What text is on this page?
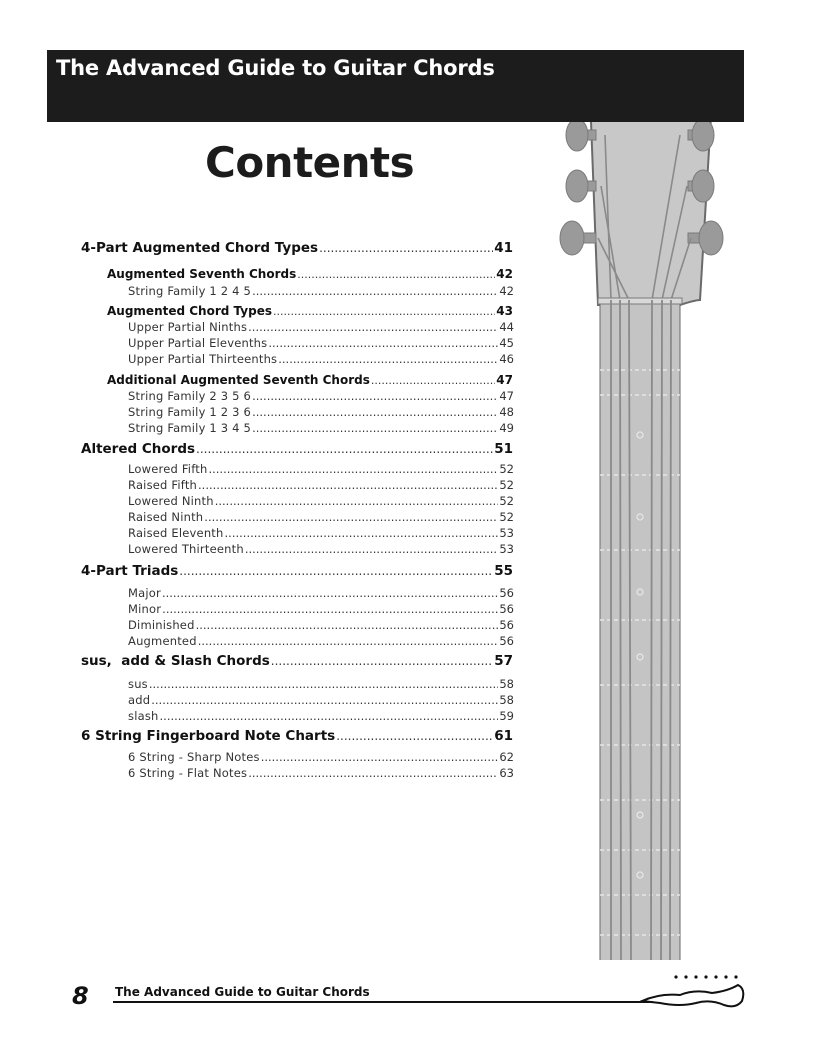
The Advanced Guide to Guitar Chords
Contents
4-Part Augmented Chord Types .....	41
Augmented Seventh Chords .....	42
String Family 1 2 4 5 .....	42
Augmented Chord Types .....	43
Upper Partial Ninths .....	44
Upper Partial Elevenths .....	45
Upper Partial Thirteenths .....	46
Additional Augmented Seventh Chords .....	47
String Family 2 3 5 6 .....	47
String Family 1 2 3 6 .....	48
String Family 1 3 4 5 .....	49
Altered Chords .....	51
Lowered Fifth .....	52
Raised Fifth .....	52
Lowered Ninth .....	52
Raised Ninth .....	52
Raised Eleventh .....	53
Lowered Thirteenth .....	53
4-Part Triads .....	55
Major .....	56
Minor .....	56
Diminished .....	56
Augmented .....	56
sus,  add & Slash Chords .....	57
sus .....	58
add .....	58
slash .....	59
6 String Fingerboard Note Charts .....	61
6 String - Sharp Notes .....	62
6 String - Flat Notes .....	63
8 The Advanced Guide to Guitar Chords
